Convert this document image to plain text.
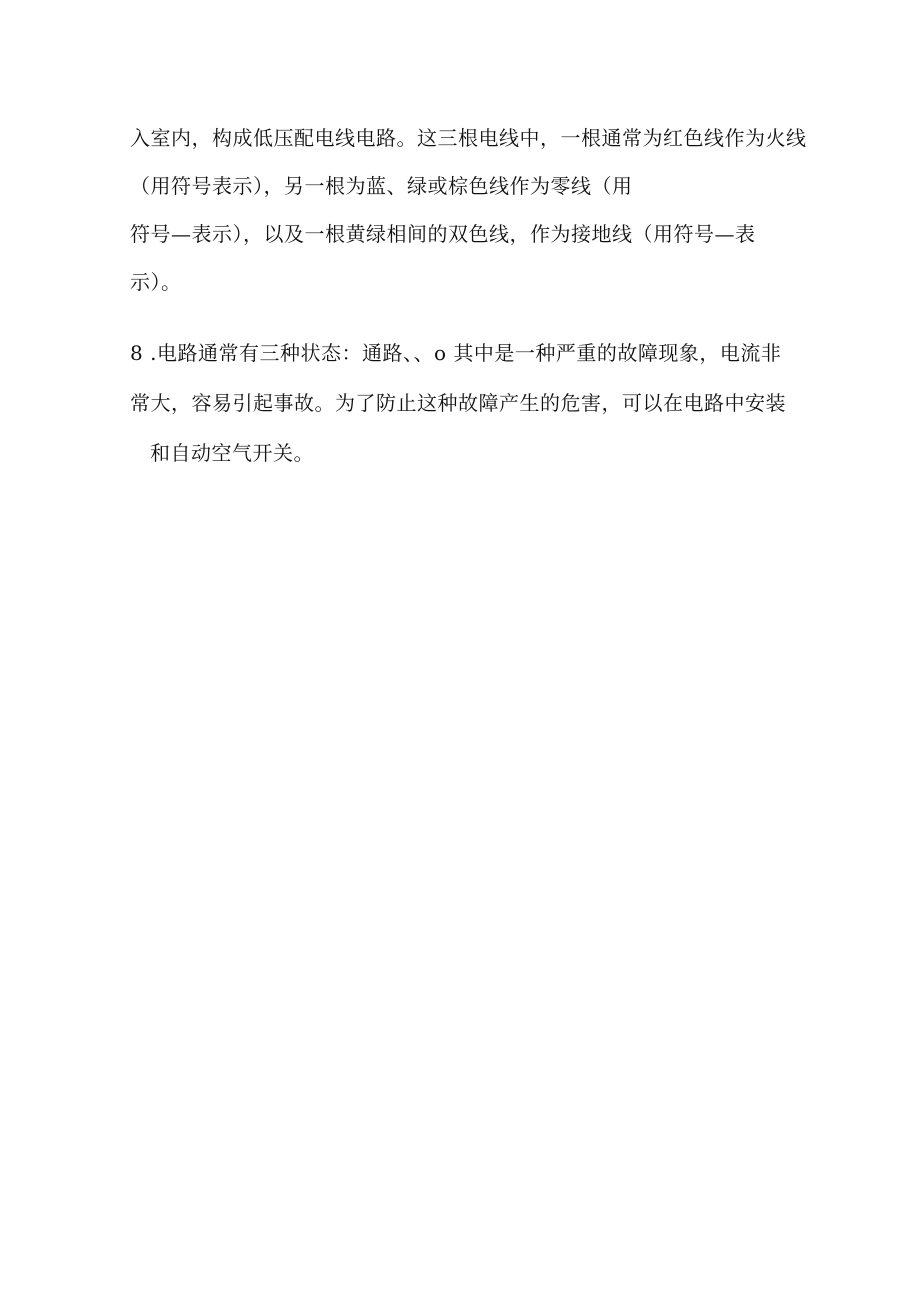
入室内，构成低压配电线电路。这三根电线中，一根通常为红色线作为火线
（用符号表示），另一根为蓝、绿或棕色线作为零线（用
符号—表示），以及一根黄绿相间的双色线，作为接地线（用符号—表
示）。
8 .电路通常有三种状态：通路、、o 其中是一种严重的故障现象，电流非
常大，容易引起事故。为了防止这种故障产生的危害，可以在电路中安装
和自动空气开关。
